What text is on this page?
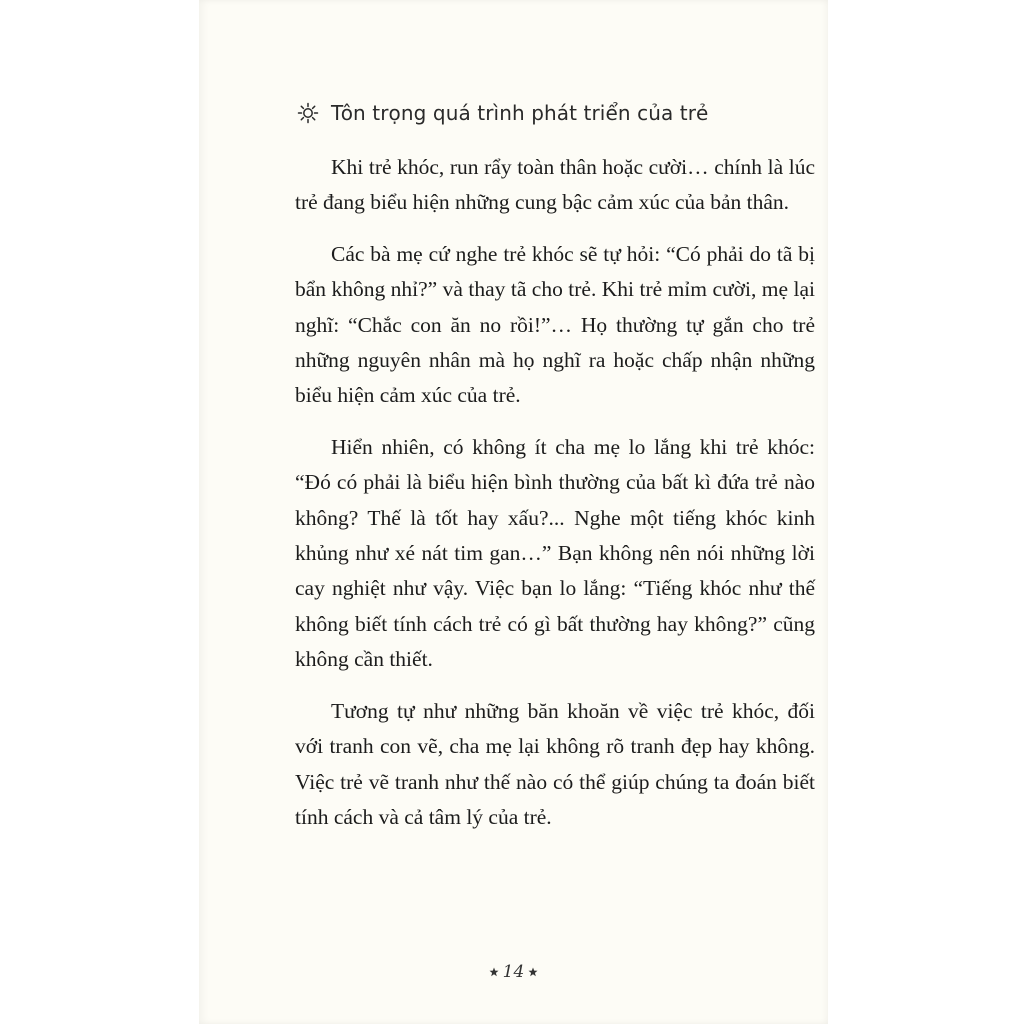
Tôn trọng quá trình phát triển của trẻ

Khi trẻ khóc, run rẩy toàn thân hoặc cười… chính là lúc trẻ đang biểu hiện những cung bậc cảm xúc của bản thân.

Các bà mẹ cứ nghe trẻ khóc sẽ tự hỏi: “Có phải do tã bị bẩn không nhỉ?” và thay tã cho trẻ. Khi trẻ mỉm cười, mẹ lại nghĩ: “Chắc con ăn no rồi!”… Họ thường tự gắn cho trẻ những nguyên nhân mà họ nghĩ ra hoặc chấp nhận những biểu hiện cảm xúc của trẻ.

Hiển nhiên, có không ít cha mẹ lo lắng khi trẻ khóc: “Đó có phải là biểu hiện bình thường của bất kì đứa trẻ nào không? Thế là tốt hay xấu?... Nghe một tiếng khóc kinh khủng như xé nát tim gan…” Bạn không nên nói những lời cay nghiệt như vậy. Việc bạn lo lắng: “Tiếng khóc như thế không biết tính cách trẻ có gì bất thường hay không?” cũng không cần thiết.

Tương tự như những băn khoăn về việc trẻ khóc, đối với tranh con vẽ, cha mẹ lại không rõ tranh đẹp hay không. Việc trẻ vẽ tranh như thế nào có thể giúp chúng ta đoán biết tính cách và cả tâm lý của trẻ.

14
